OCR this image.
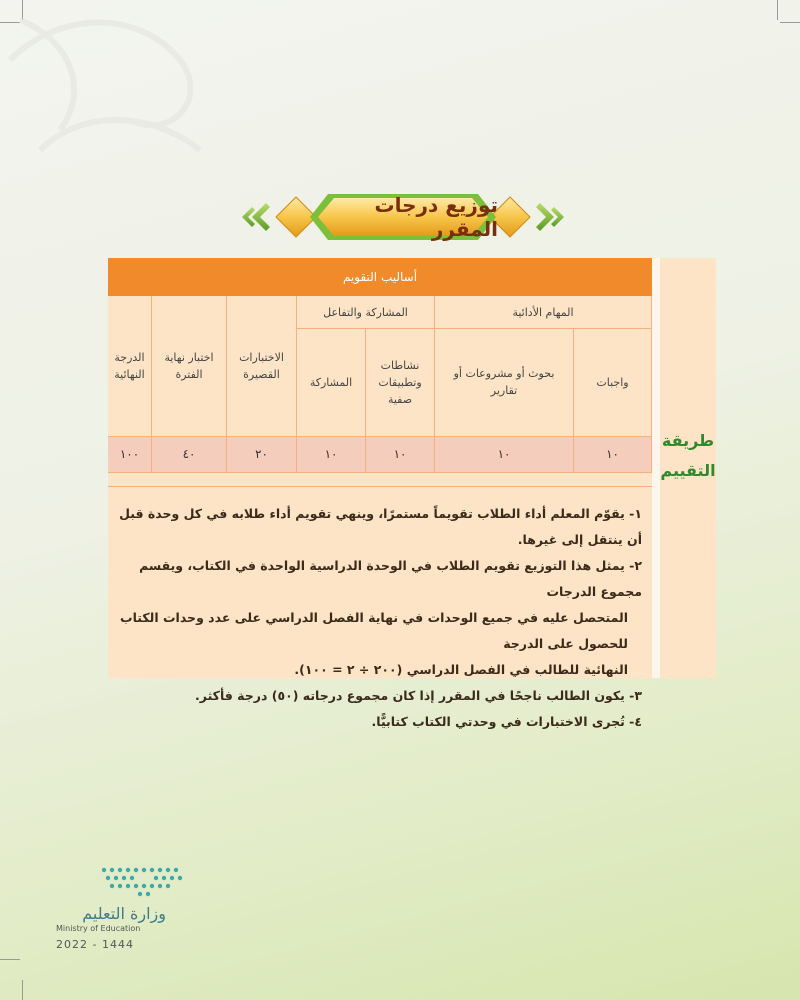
توزيع درجات المقرر
طريقة
التقييم
أساليب التقويم
المهام الأدائية
المشاركة والتفاعل
الاختبارات القصيرة
اختبار نهاية الفترة
الدرجة النهائية
واجبات
بحوث أو مشروعات أو تقارير
نشاطات وتطبيقات صفية
المشاركة
١٠
١٠
١٠
١٠
٢٠
٤٠
١٠٠

١- يقوّم المعلم أداء الطلاب تقويماً مستمرًا، وينهي تقويم أداء طلابه في كل وحدة قبل أن ينتقل إلى غيرها.

٢- يمثل هذا التوزيع تقويم الطلاب في الوحدة الدراسية الواحدة في الكتاب، ويقسم مجموع الدرجات

المتحصل عليه في جميع الوحدات في نهاية الفصل الدراسي على عدد وحدات الكتاب للحصول على الدرجة

النهائية للطالب في الفصل الدراسي (٢٠٠ ÷ ٢ = ١٠٠).

٣- يكون الطالب ناجحًا في المقرر إذا كان مجموع درجاته (٥٠) درجة فأكثر.

٤- تُجرى الاختبارات في وحدتي الكتاب كتابيًّا.

وزارة التعليم
Ministry of Education
2022 - 1444
